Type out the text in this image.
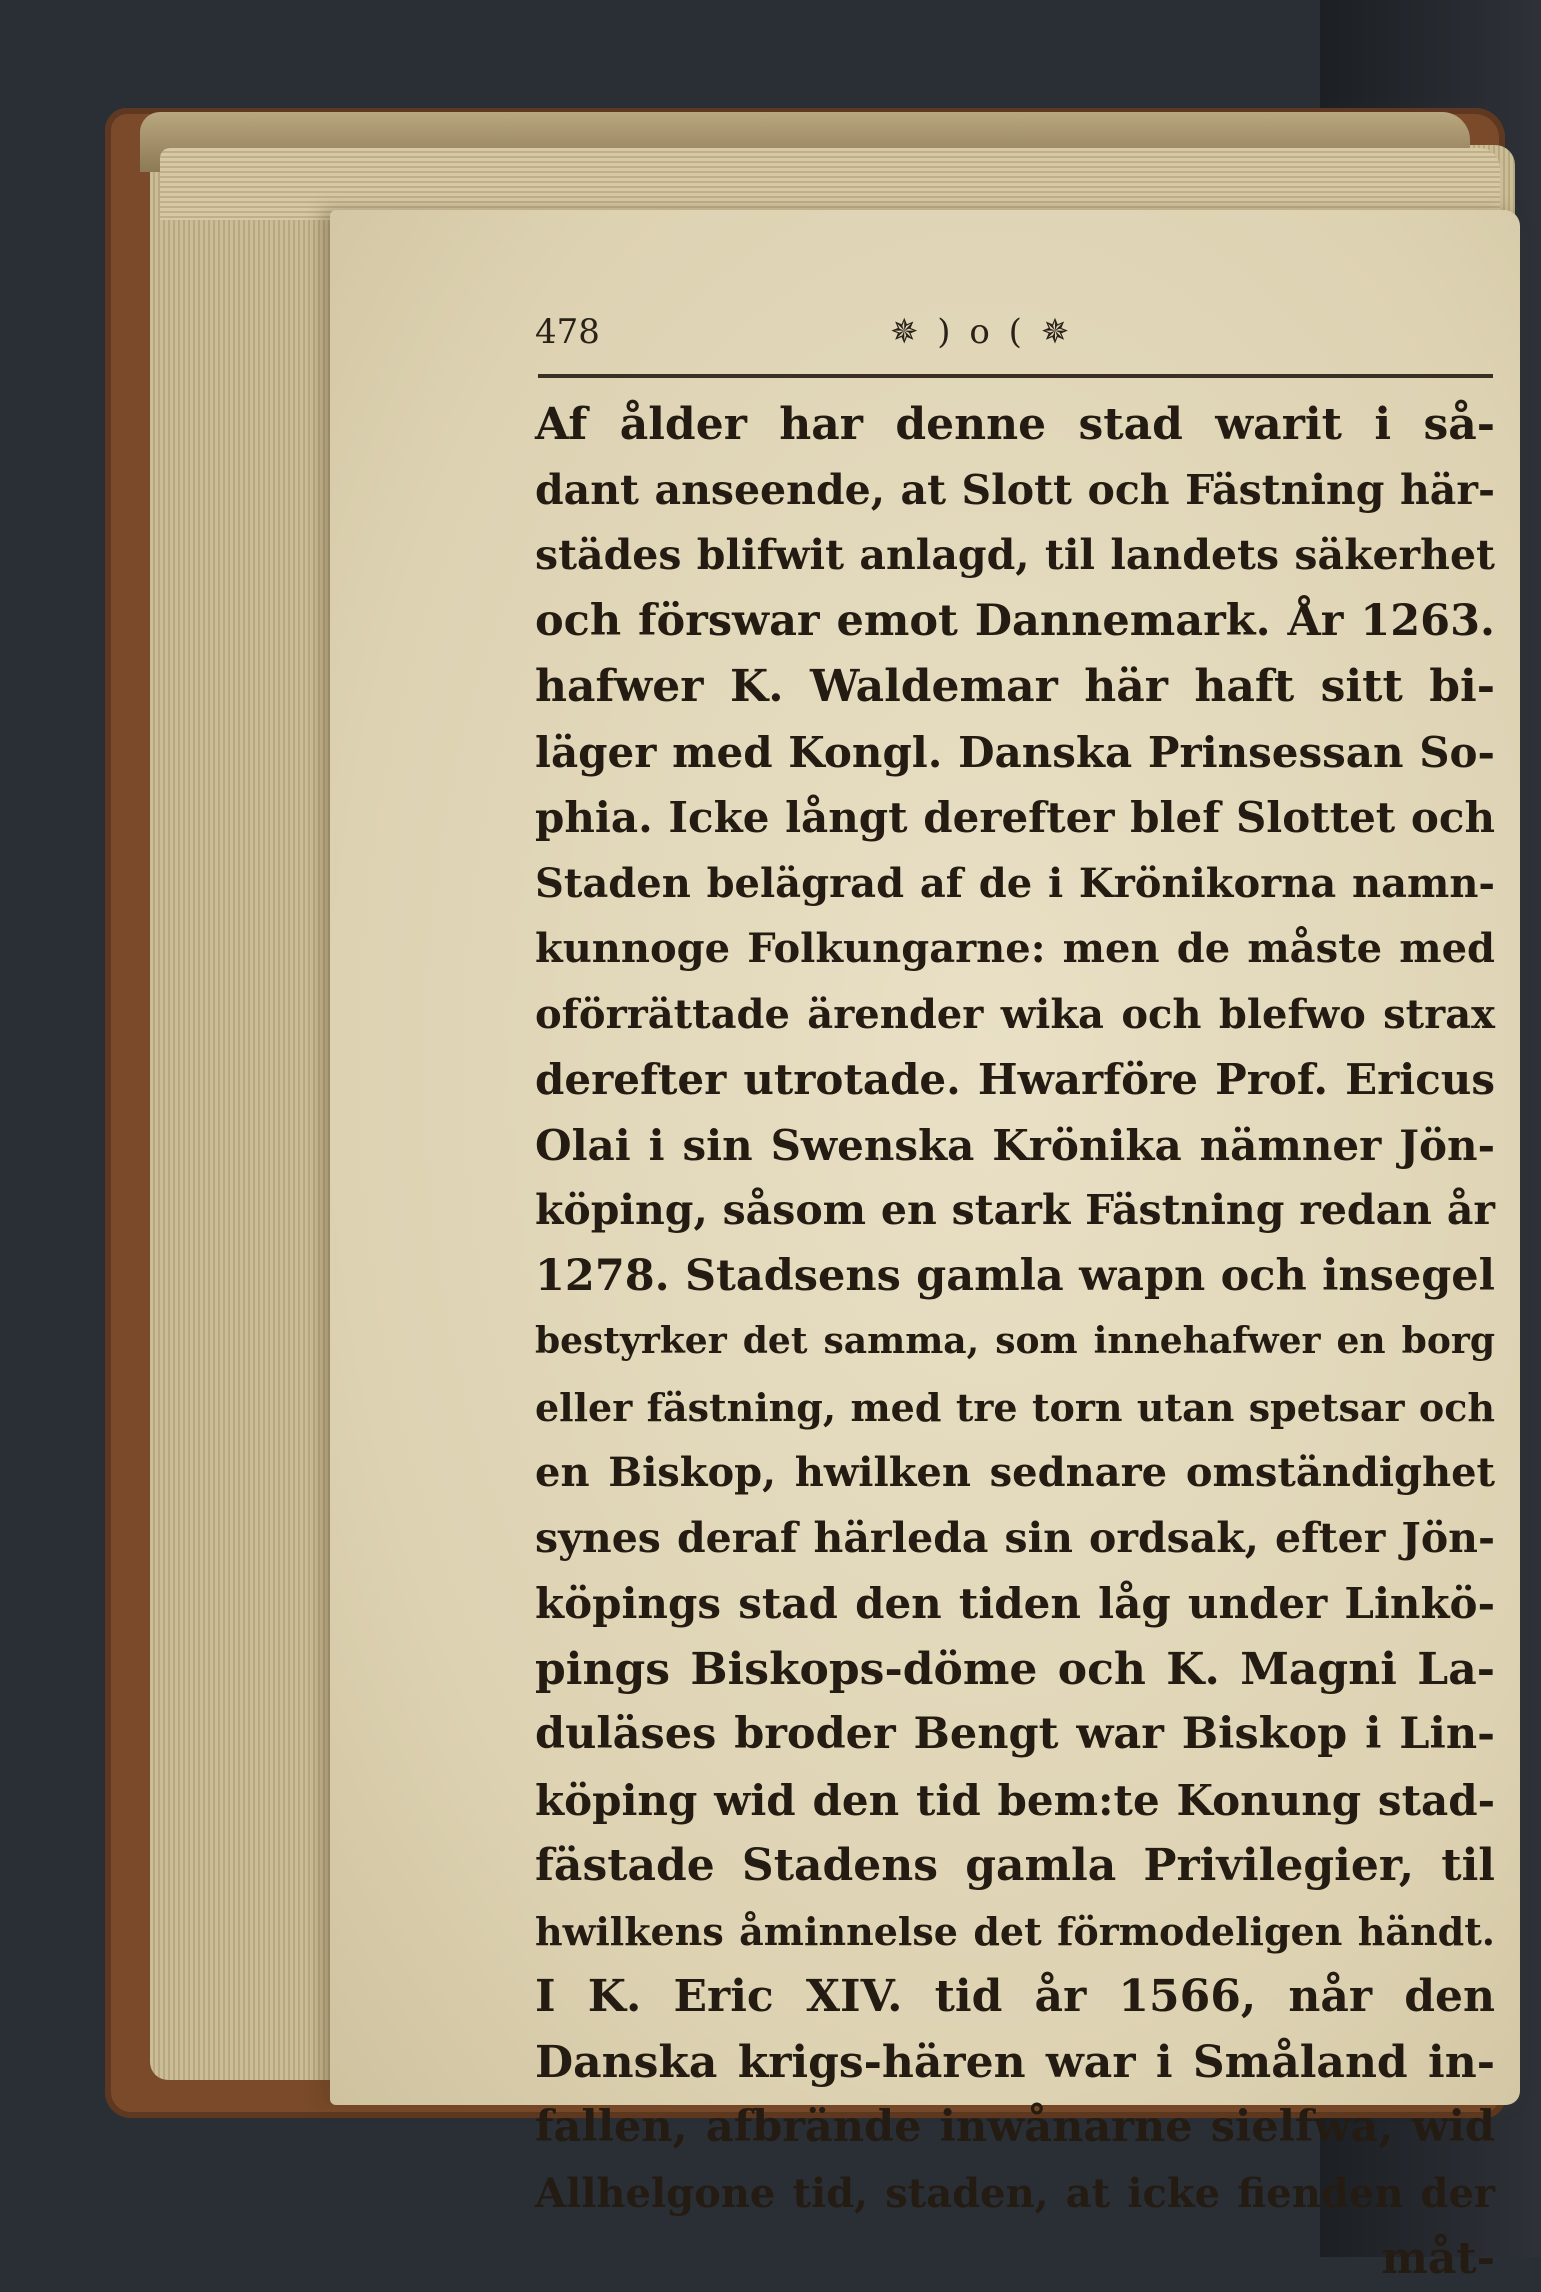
478	✵ ) o ( ✵
Af ålder har denne stad warit i så‐
dant anseende, at Slott och Fästning här‐
städes blifwit anlagd, til landets säkerhet
och förswar emot Dannemark. År 1263.
hafwer K. Waldemar här haft sitt bi‐
läger med Kongl. Danska Prinsessan So‐
phia. Icke långt derefter blef Slottet och
Staden belägrad af de i Krönikorna namn‐
kunnoge Folkungarne: men de måste med
oförrättade ärender wika och blefwo strax
derefter utrotade. Hwarföre Prof. Ericus
Olai i sin Swenska Krönika nämner Jön‐
köping, såsom en stark Fästning redan år
1278. Stadsens gamla wapn och insegel
bestyrker det samma, som innehafwer en borg
eller fästning, med tre torn utan spetsar och
en Biskop, hwilken sednare omständighet
synes deraf härleda sin ordsak, efter Jön‐
köpings stad den tiden låg under Linkö‐
pings Biskops‐döme och K. Magni La‐
duläses broder Bengt war Biskop i Lin‐
köping wid den tid bem:te Konung stad‐
fästade Stadens gamla Privilegier, til
hwilkens åminnelse det förmodeligen händt.
I K. Eric XIV. tid år 1566, når den
Danska krigs‐hären war i Småland in‐
fallen, afbrände inwånarne sielfwa, wid
Allhelgone tid, staden, at icke fienden der
måt‐
